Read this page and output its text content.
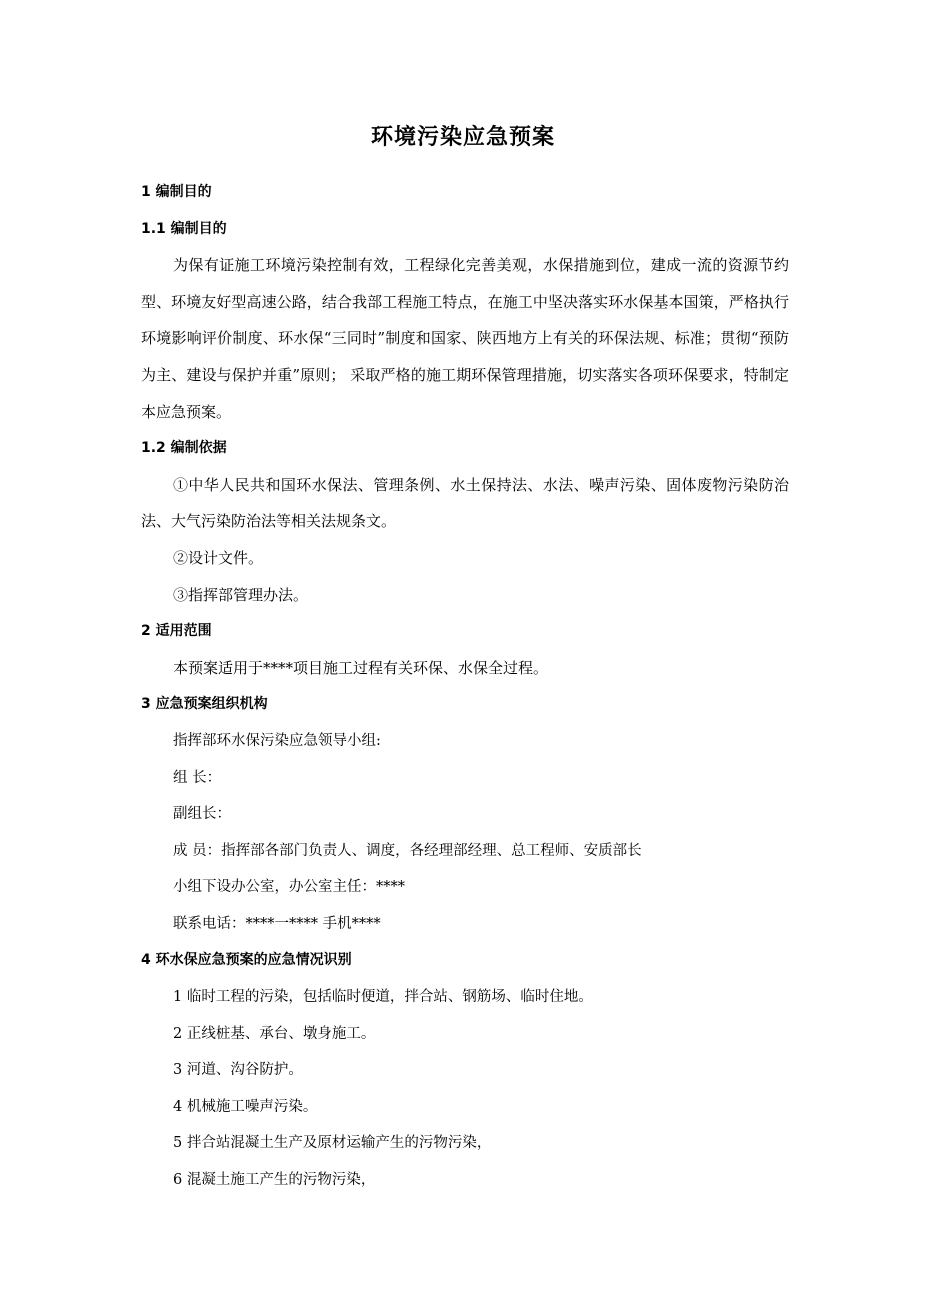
环境污染应急预案
1 编制目的
1.1 编制目的

为保有证施工环境污染控制有效，工程绿化完善美观，水保措施到位，建成一流的资源节约型、环境友好型高速公路，结合我部工程施工特点，在施工中坚决落实环水保基本国策，严格执行环境影响评价制度、环水保“三同时”制度和国家、陕西地方上有关的环保法规、标准；贯彻“预防为主、建设与保护并重”原则； 采取严格的施工期环保管理措施，切实落实各项环保要求，特制定本应急预案。

1.2 编制依据

①中华人民共和国环水保法、管理条例、水土保持法、水法、噪声污染、固体废物污染防治法、大气污染防治法等相关法规条文。

②设计文件。

③指挥部管理办法。

2 适用范围

本预案适用于****项目施工过程有关环保、水保全过程。

3 应急预案组织机构
指挥部环水保污染应急领导小组:
组 长：
副组长：
成 员：指挥部各部门负责人、调度，各经理部经理、总工程师、安质部长
小组下设办公室，办公室主任：****
联系电话：****一**** 手机****
4 环水保应急预案的应急情况识别
1 临时工程的污染，包括临时便道，拌合站、钢筋场、临时住地。
2 正线桩基、承台、墩身施工。
3 河道、沟谷防护。
4 机械施工噪声污染。
5 拌合站混凝土生产及原材运输产生的污物污染，
6 混凝土施工产生的污物污染，
